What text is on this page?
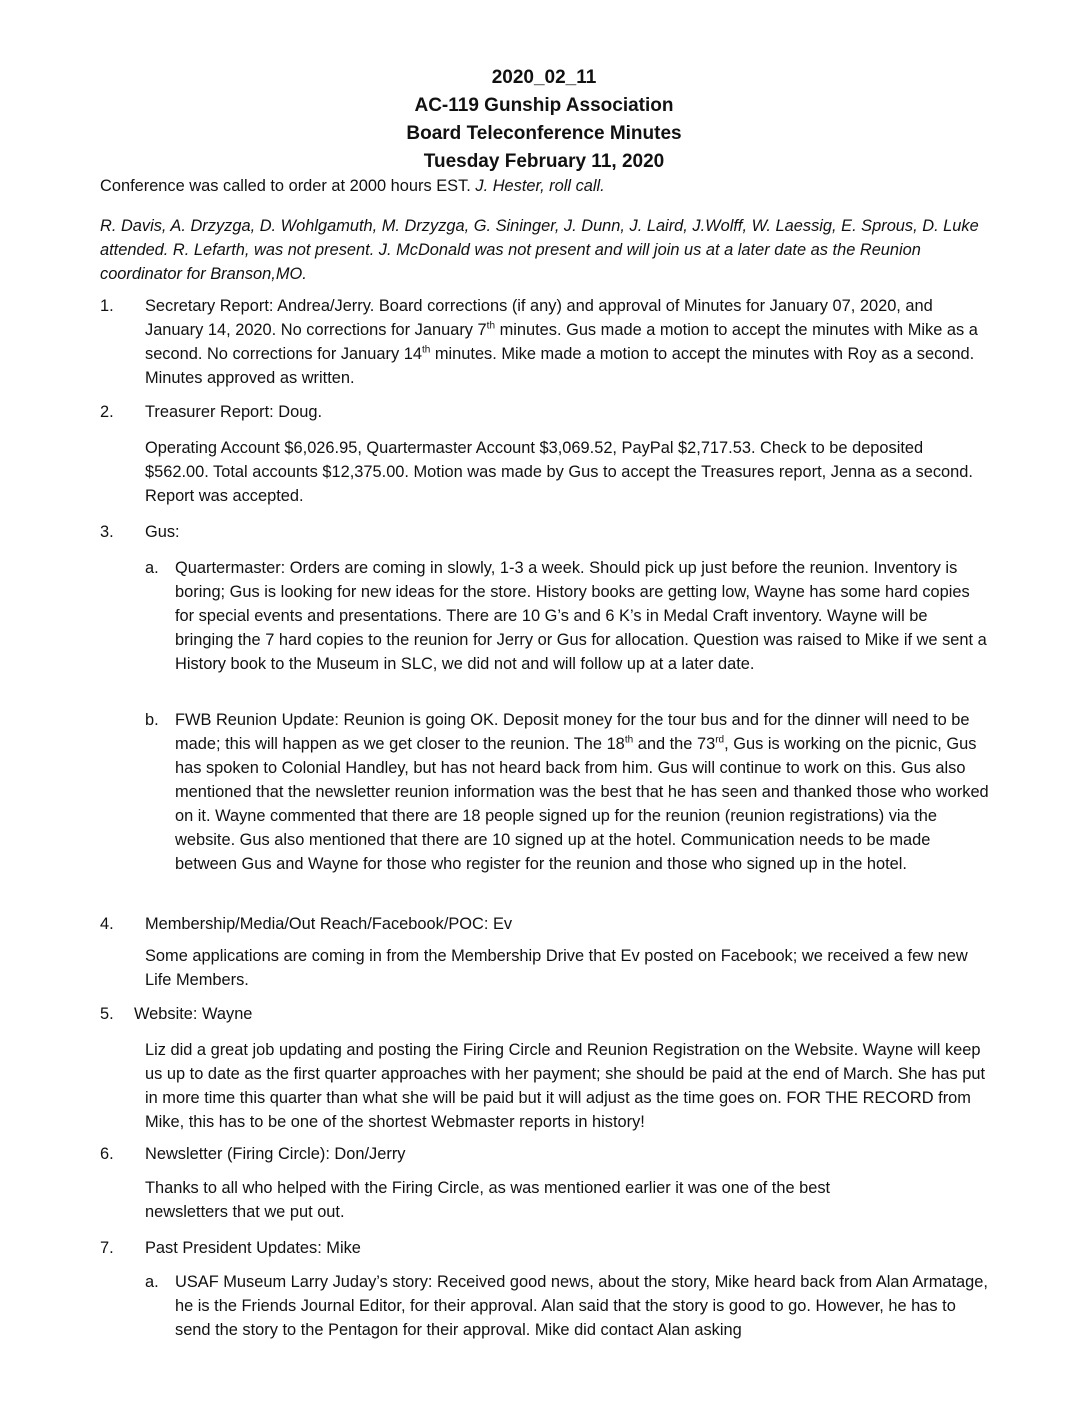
2020_02_11
AC-119 Gunship Association
Board Teleconference Minutes
Tuesday February 11, 2020

Conference was called to order at 2000 hours EST. J. Hester, roll call.

R. Davis, A. Drzyzga, D. Wohlgamuth, M. Drzyzga, G. Sininger, J. Dunn, J. Laird, J.Wolff, W. Laessig, E. Sprous, D. Luke attended. R. Lefarth, was not present. J. McDonald was not present and will join us at a later date as the Reunion coordinator for Branson,MO.

1. Secretary Report: Andrea/Jerry. Board corrections (if any) and approval of Minutes for January 07, 2020, and January 14, 2020. No corrections for January 7th minutes. Gus made a motion to accept the minutes with Mike as a second. No corrections for January 14th minutes. Mike made a motion to accept the minutes with Roy as a second. Minutes approved as written.

2. Treasurer Report: Doug.

Operating Account $6,026.95, Quartermaster Account $3,069.52, PayPal $2,717.53. Check to be deposited $562.00. Total accounts $12,375.00. Motion was made by Gus to accept the Treasures report, Jenna as a second. Report was accepted.

3. Gus:

a. Quartermaster: Orders are coming in slowly, 1-3 a week. Should pick up just before the reunion. Inventory is boring; Gus is looking for new ideas for the store. History books are getting low, Wayne has some hard copies for special events and presentations. There are 10 G’s and 6 K’s in Medal Craft inventory. Wayne will be bringing the 7 hard copies to the reunion for Jerry or Gus for allocation. Question was raised to Mike if we sent a History book to the Museum in SLC, we did not and will follow up at a later date.

b. FWB Reunion Update: Reunion is going OK. Deposit money for the tour bus and for the dinner will need to be made; this will happen as we get closer to the reunion. The 18th and the 73rd, Gus is working on the picnic, Gus has spoken to Colonial Handley, but has not heard back from him. Gus will continue to work on this. Gus also mentioned that the newsletter reunion information was the best that he has seen and thanked those who worked on it. Wayne commented that there are 18 people signed up for the reunion (reunion registrations) via the website. Gus also mentioned that there are 10 signed up at the hotel. Communication needs to be made between Gus and Wayne for those who register for the reunion and those who signed up in the hotel.

4. Membership/Media/Out Reach/Facebook/POC: Ev

Some applications are coming in from the Membership Drive that Ev posted on Facebook; we received a few new Life Members.

5. Website: Wayne

Liz did a great job updating and posting the Firing Circle and Reunion Registration on the Website. Wayne will keep us up to date as the first quarter approaches with her payment; she should be paid at the end of March. She has put in more time this quarter than what she will be paid but it will adjust as the time goes on. FOR THE RECORD from Mike, this has to be one of the shortest Webmaster reports in history!

6. Newsletter (Firing Circle): Don/Jerry

Thanks to all who helped with the Firing Circle, as was mentioned earlier it was one of the best newsletters that we put out.

7. Past President Updates: Mike

a. USAF Museum Larry Juday’s story: Received good news, about the story, Mike heard back from Alan Armatage, he is the Friends Journal Editor, for their approval. Alan said that the story is good to go. However, he has to send the story to the Pentagon for their approval. Mike did contact Alan asking
